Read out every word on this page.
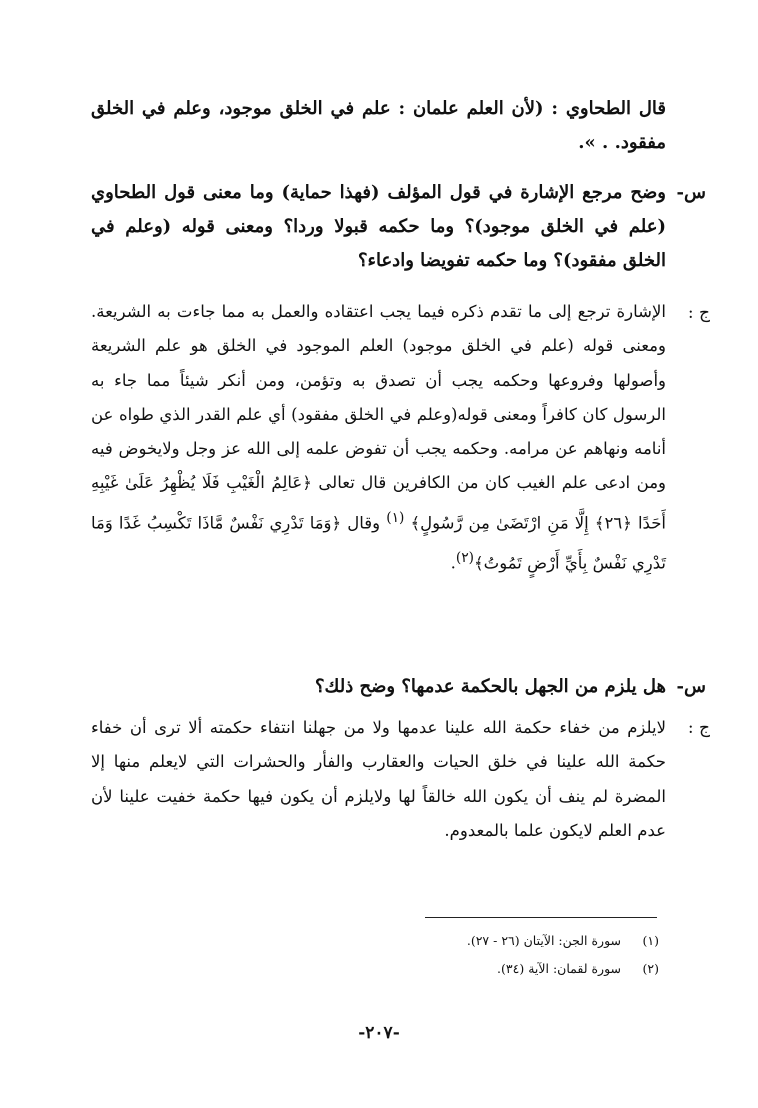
قال الطحاوي : (لأن العلم علمان : علم في الخلق موجود، وعلم في الخلق مفقود. . ».

س-

وضح مرجع الإشارة في قول المؤلف (فهذا حماية) وما معنى قول الطحاوي (علم في الخلق موجود)؟ وما حكمه قبولا وردا؟ ومعنى قوله (وعلم في الخلق مفقود)؟ وما حكمه تفويضا وادعاء؟

ج :

الإشارة ترجع إلى ما تقدم ذكره فيما يجب اعتقاده والعمل به مما جاءت به الشريعة. ومعنى قوله (علم في الخلق موجود) العلم الموجود في الخلق هو علم الشريعة وأصولها وفروعها وحكمه يجب أن تصدق به وتؤمن، ومن أنكر شيئاً مما جاء به الرسول كان كافراً ومعنى قوله(وعلم في الخلق مفقود) أي علم القدر الذي طواه عن أنامه ونهاهم عن مرامه. وحكمه يجب أن تفوض علمه إلى الله عز وجل ولايخوض فيه ومن ادعى علم الغيب كان من الكافرين قال تعالى ﴿عَالِمُ الْغَيْبِ فَلَا يُظْهِرُ عَلَىٰ غَيْبِهِ أَحَدًا ﴿٢٦﴾ إِلَّا مَنِ ارْتَضَىٰ مِن رَّسُولٍ﴾ $^{(١)}$ وقال ﴿وَمَا تَدْرِي نَفْسٌ مَّاذَا تَكْسِبُ غَدًا وَمَا تَدْرِي نَفْسٌ بِأَيِّ أَرْضٍ تَمُوتُ﴾$^{(٢)}$.

س-

هل يلزم من الجهل بالحكمة عدمها؟ وضح ذلك؟

ج :

لايلزم من خفاء حكمة الله علينا عدمها ولا من جهلنا انتفاء حكمته ألا ترى أن خفاء حكمة الله علينا في خلق الحيات والعقارب والفأر والحشرات التي لايعلم منها إلا المضرة لم ينف أن يكون الله خالقاً لها ولايلزم أن يكون فيها حكمة خفيت علينا لأن عدم العلم لايكون علما بالمعدوم.

(١)سورة الجن: الآيتان (٢٦ - ٢٧).
(٢)سورة لقمان: الآية (٣٤).
-٢٠٧-
